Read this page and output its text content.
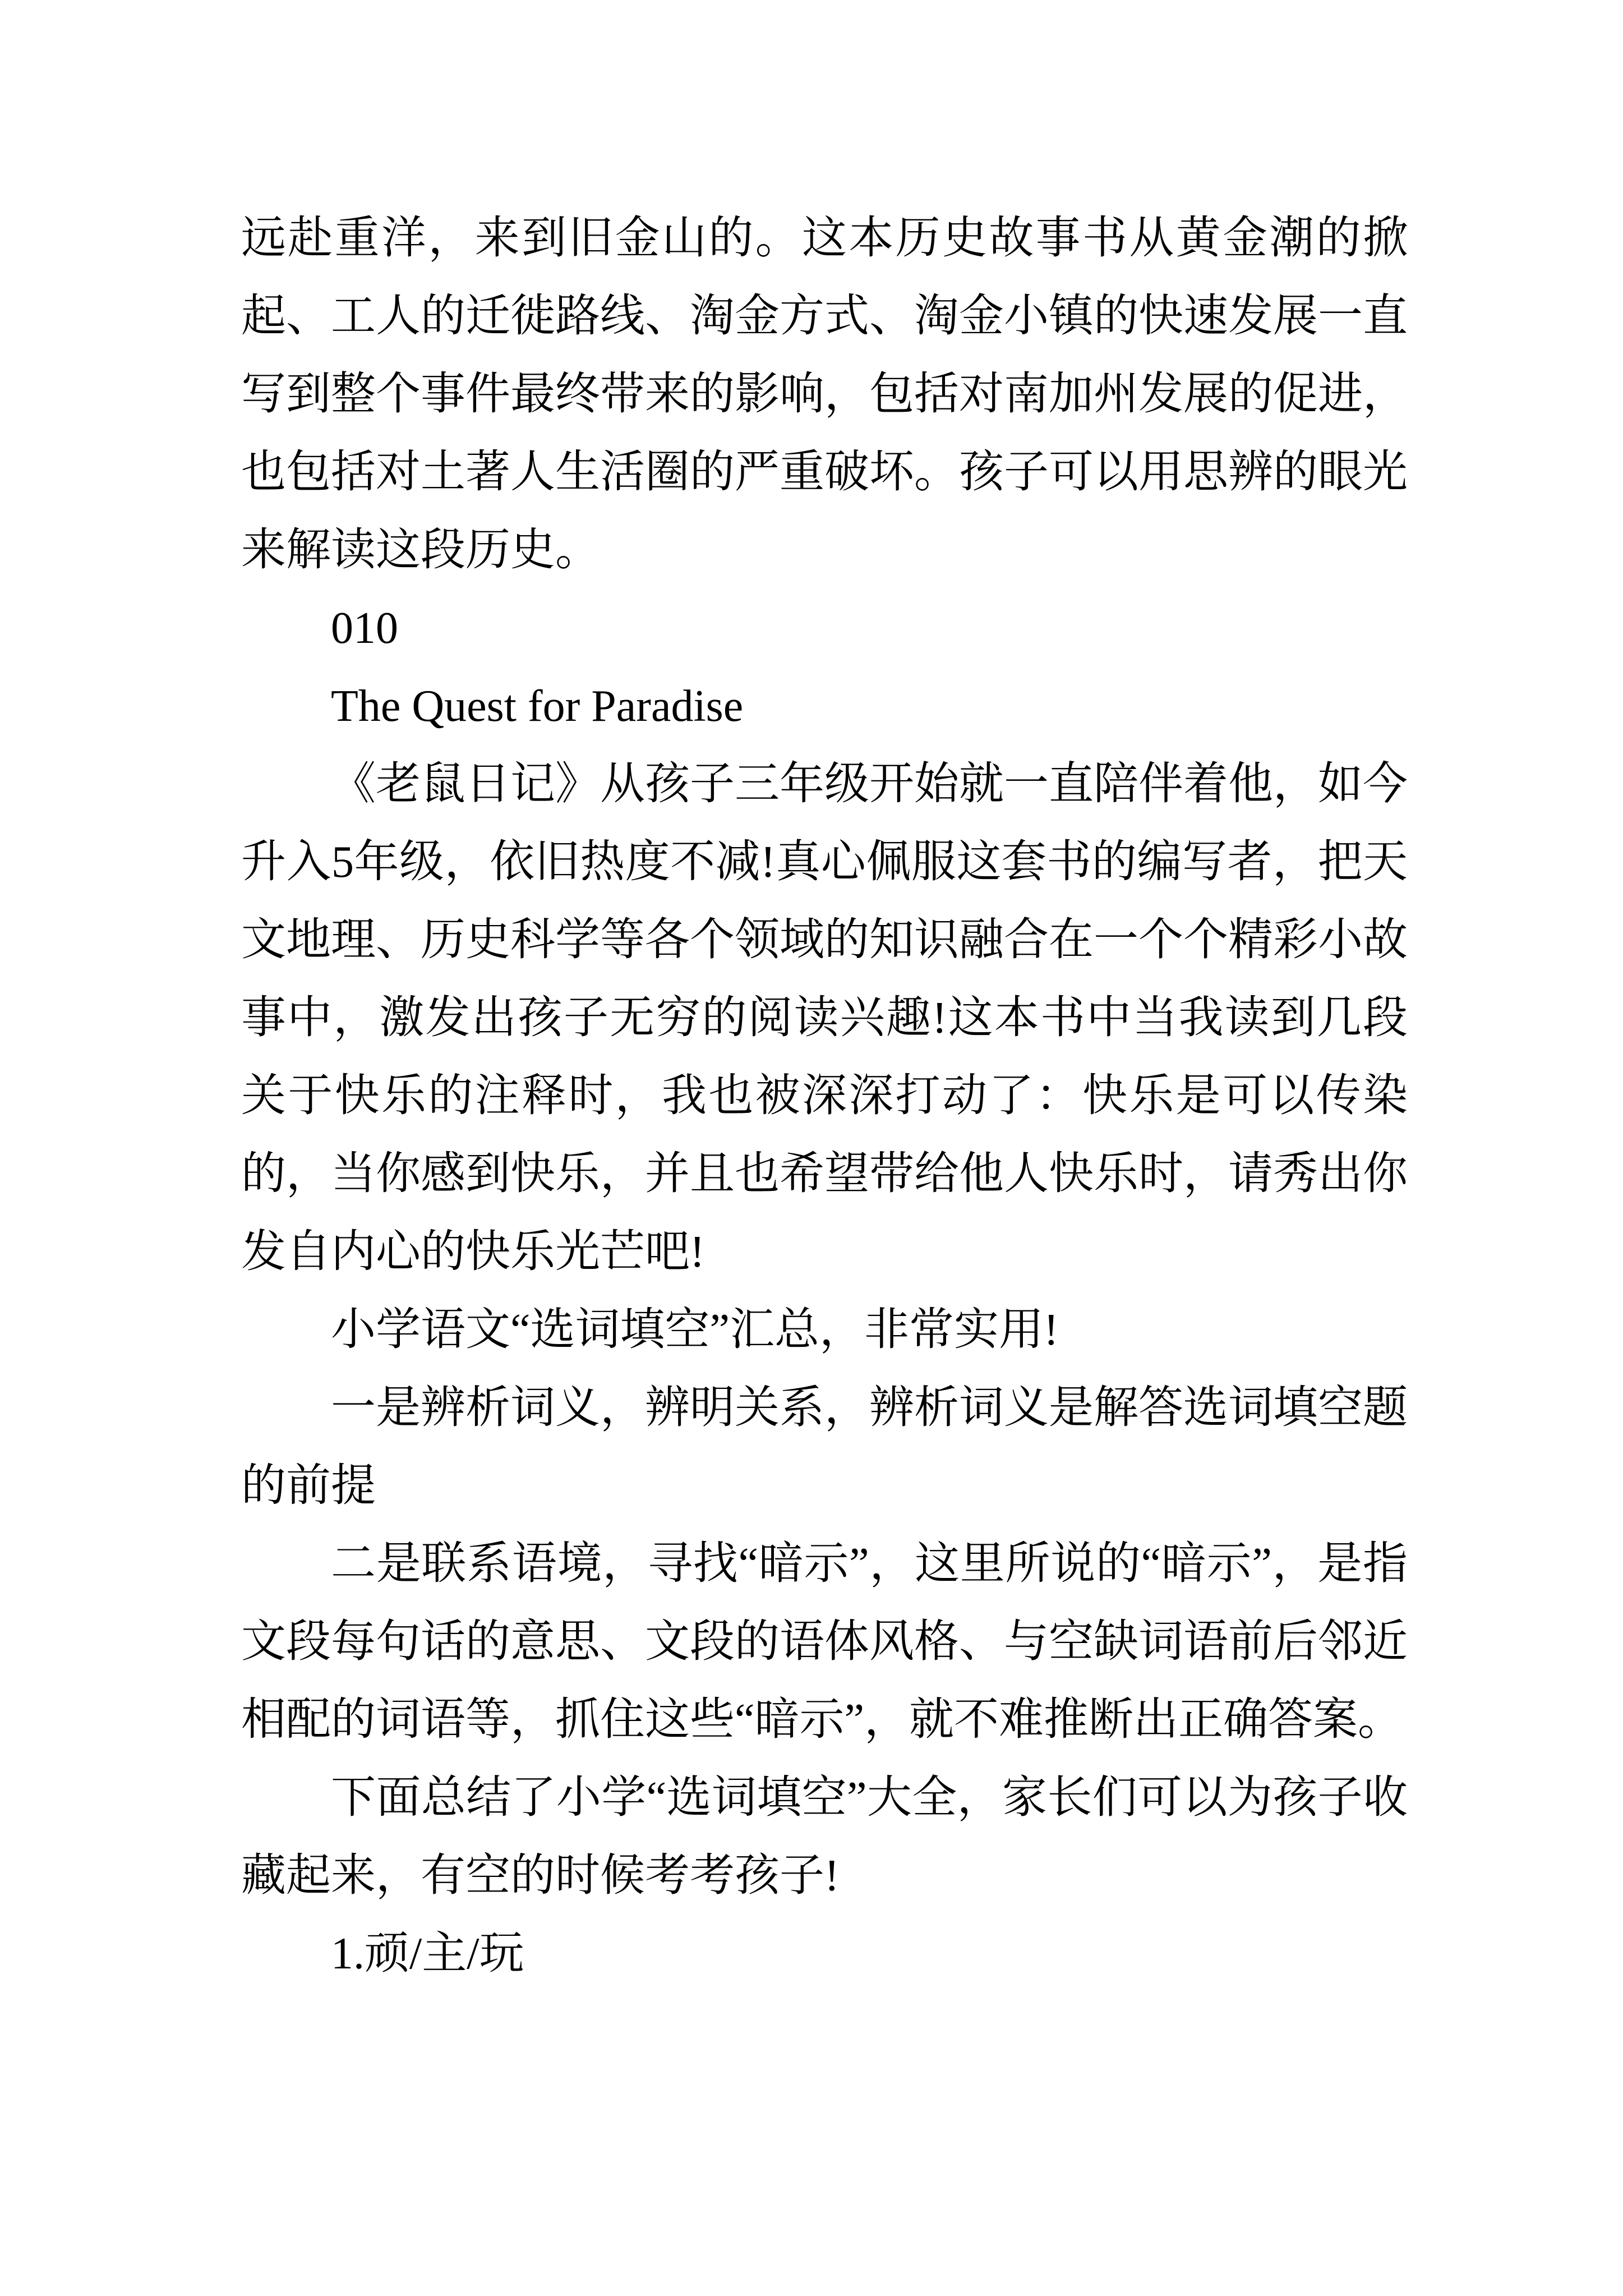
远赴重洋，来到旧金山的。这本历史故事书从黄金潮的掀起、工人的迁徙路线、淘金方式、淘金小镇的快速发展一直写到整个事件最终带来的影响，包括对南加州发展的促进，也包括对土著人生活圈的严重破坏。孩子可以用思辨的眼光来解读这段历史。

010

The Quest for Paradise

《老鼠日记》从孩子三年级开始就一直陪伴着他，如今升入5年级，依旧热度不减!真心佩服这套书的编写者，把天文地理、历史科学等各个领域的知识融合在一个个精彩小故事中，激发出孩子无穷的阅读兴趣!这本书中当我读到几段关于快乐的注释时，我也被深深打动了：快乐是可以传染的，当你感到快乐，并且也希望带给他人快乐时，请秀出你发自内心的快乐光芒吧!

小学语文“选词填空”汇总，非常实用!

一是辨析词义，辨明关系，辨析词义是解答选词填空题的前提

二是联系语境，寻找“暗示”，这里所说的“暗示”，是指文段每句话的意思、文段的语体风格、与空缺词语前后邻近相配的词语等，抓住这些“暗示”，就不难推断出正确答案。

下面总结了小学“选词填空”大全，家长们可以为孩子收藏起来，有空的时候考考孩子!

1.顽/主/玩
